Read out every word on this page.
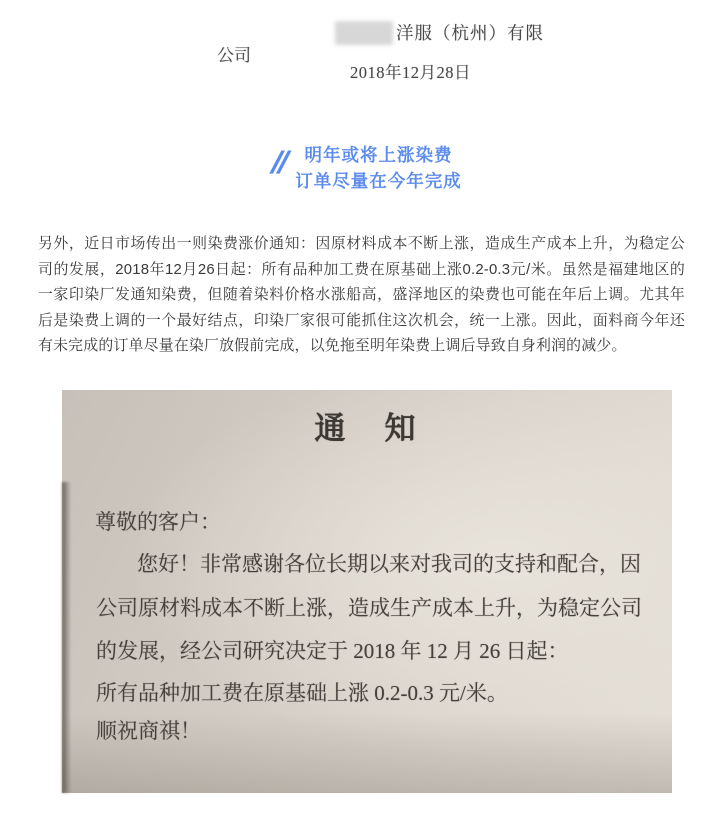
洋服（杭州）有限
公司
2018年12月28日
// 明年或将上涨染费
订单尽量在今年完成
另外，近日市场传出一则染费涨价通知：因原材料成本不断上涨，造成生产成本上升，为稳定公司的发展，2018年12月26日起：所有品种加工费在原基础上涨0.2-0.3元/米。虽然是福建地区的一家印染厂发通知染费，但随着染料价格水涨船高，盛泽地区的染费也可能在年后上调。尤其年后是染费上调的一个最好结点，印染厂家很可能抓住这次机会，统一上涨。因此，面料商今年还有未完成的订单尽量在染厂放假前完成，以免拖至明年染费上调后导致自身利润的减少。
通　知
尊敬的客户：
您好！非常感谢各位长期以来对我司的支持和配合，因
公司原材料成本不断上涨，造成生产成本上升，为稳定公司
的发展，经公司研究决定于 2018 年 12 月 26 日起：
所有品种加工费在原基础上涨 0.2-0.3 元/米。
顺祝商祺！
